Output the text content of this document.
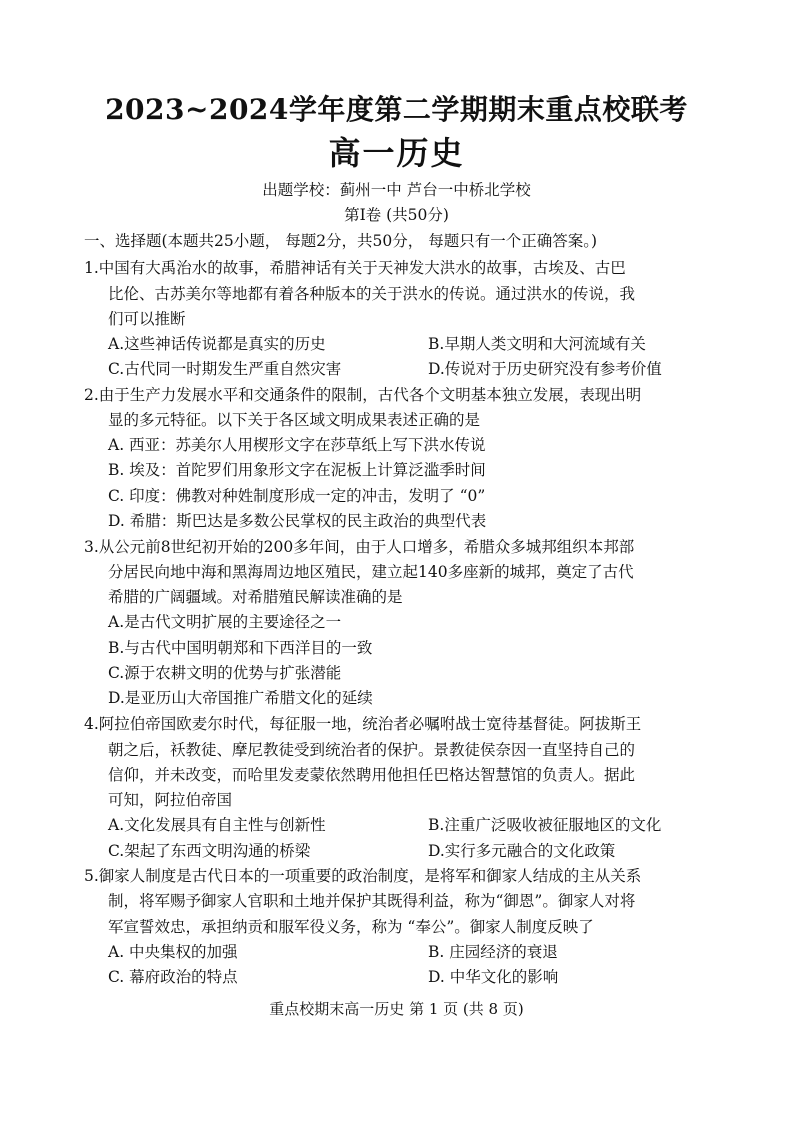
2023~2024学年度第二学期期末重点校联考
高一历史
出题学校：蓟州一中 芦台一中桥北学校
第Ⅰ卷 (共50分)
一、选择题(本题共25小题， 每题2分，共50分， 每题只有一个正确答案。)
1.中国有大禹治水的故事，希腊神话有关于天神发大洪水的故事，古埃及、古巴
比伦、古苏美尔等地都有着各种版本的关于洪水的传说。通过洪水的传说，我
们可以推断
A.这些神话传说都是真实的历史	B.早期人类文明和大河流域有关
C.古代同一时期发生严重自然灾害	D.传说对于历史研究没有参考价值
2.由于生产力发展水平和交通条件的限制，古代各个文明基本独立发展，表现出明
显的多元特征。以下关于各区域文明成果表述正确的是
A. 西亚：苏美尔人用楔形文字在莎草纸上写下洪水传说
B. 埃及：首陀罗们用象形文字在泥板上计算泛滥季时间
C. 印度：佛教对种姓制度形成一定的冲击，发明了 “0”
D. 希腊：斯巴达是多数公民掌权的民主政治的典型代表
3.从公元前8世纪初开始的200多年间，由于人口增多，希腊众多城邦组织本邦部
分居民向地中海和黑海周边地区殖民，建立起140多座新的城邦，奠定了古代
希腊的广阔疆域。对希腊殖民解读准确的是
A.是古代文明扩展的主要途径之一
B.与古代中国明朝郑和下西洋目的一致
C.源于农耕文明的优势与扩张潜能
D.是亚历山大帝国推广希腊文化的延续
4.阿拉伯帝国欧麦尔时代，每征服一地，统治者必嘱咐战士宽待基督徒。阿拔斯王
朝之后，袄教徒、摩尼教徒受到统治者的保护。景教徒侯奈因一直坚持自己的
信仰，并未改变，而哈里发麦蒙依然聘用他担任巴格达智慧馆的负责人。据此
可知，阿拉伯帝国
A.文化发展具有自主性与创新性	B.注重广泛吸收被征服地区的文化
C.架起了东西文明沟通的桥梁	D.实行多元融合的文化政策
5.御家人制度是古代日本的一项重要的政治制度，是将军和御家人结成的主从关系
制，将军赐予御家人官职和土地并保护其既得利益，称为“御恩”。御家人对将
军宣誓效忠，承担纳贡和服军役义务，称为 “奉公”。御家人制度反映了
A. 中央集权的加强	B. 庄园经济的衰退
C. 幕府政治的特点	D. 中华文化的影响
重点校期末高一历史 第 1 页 (共 8 页)
